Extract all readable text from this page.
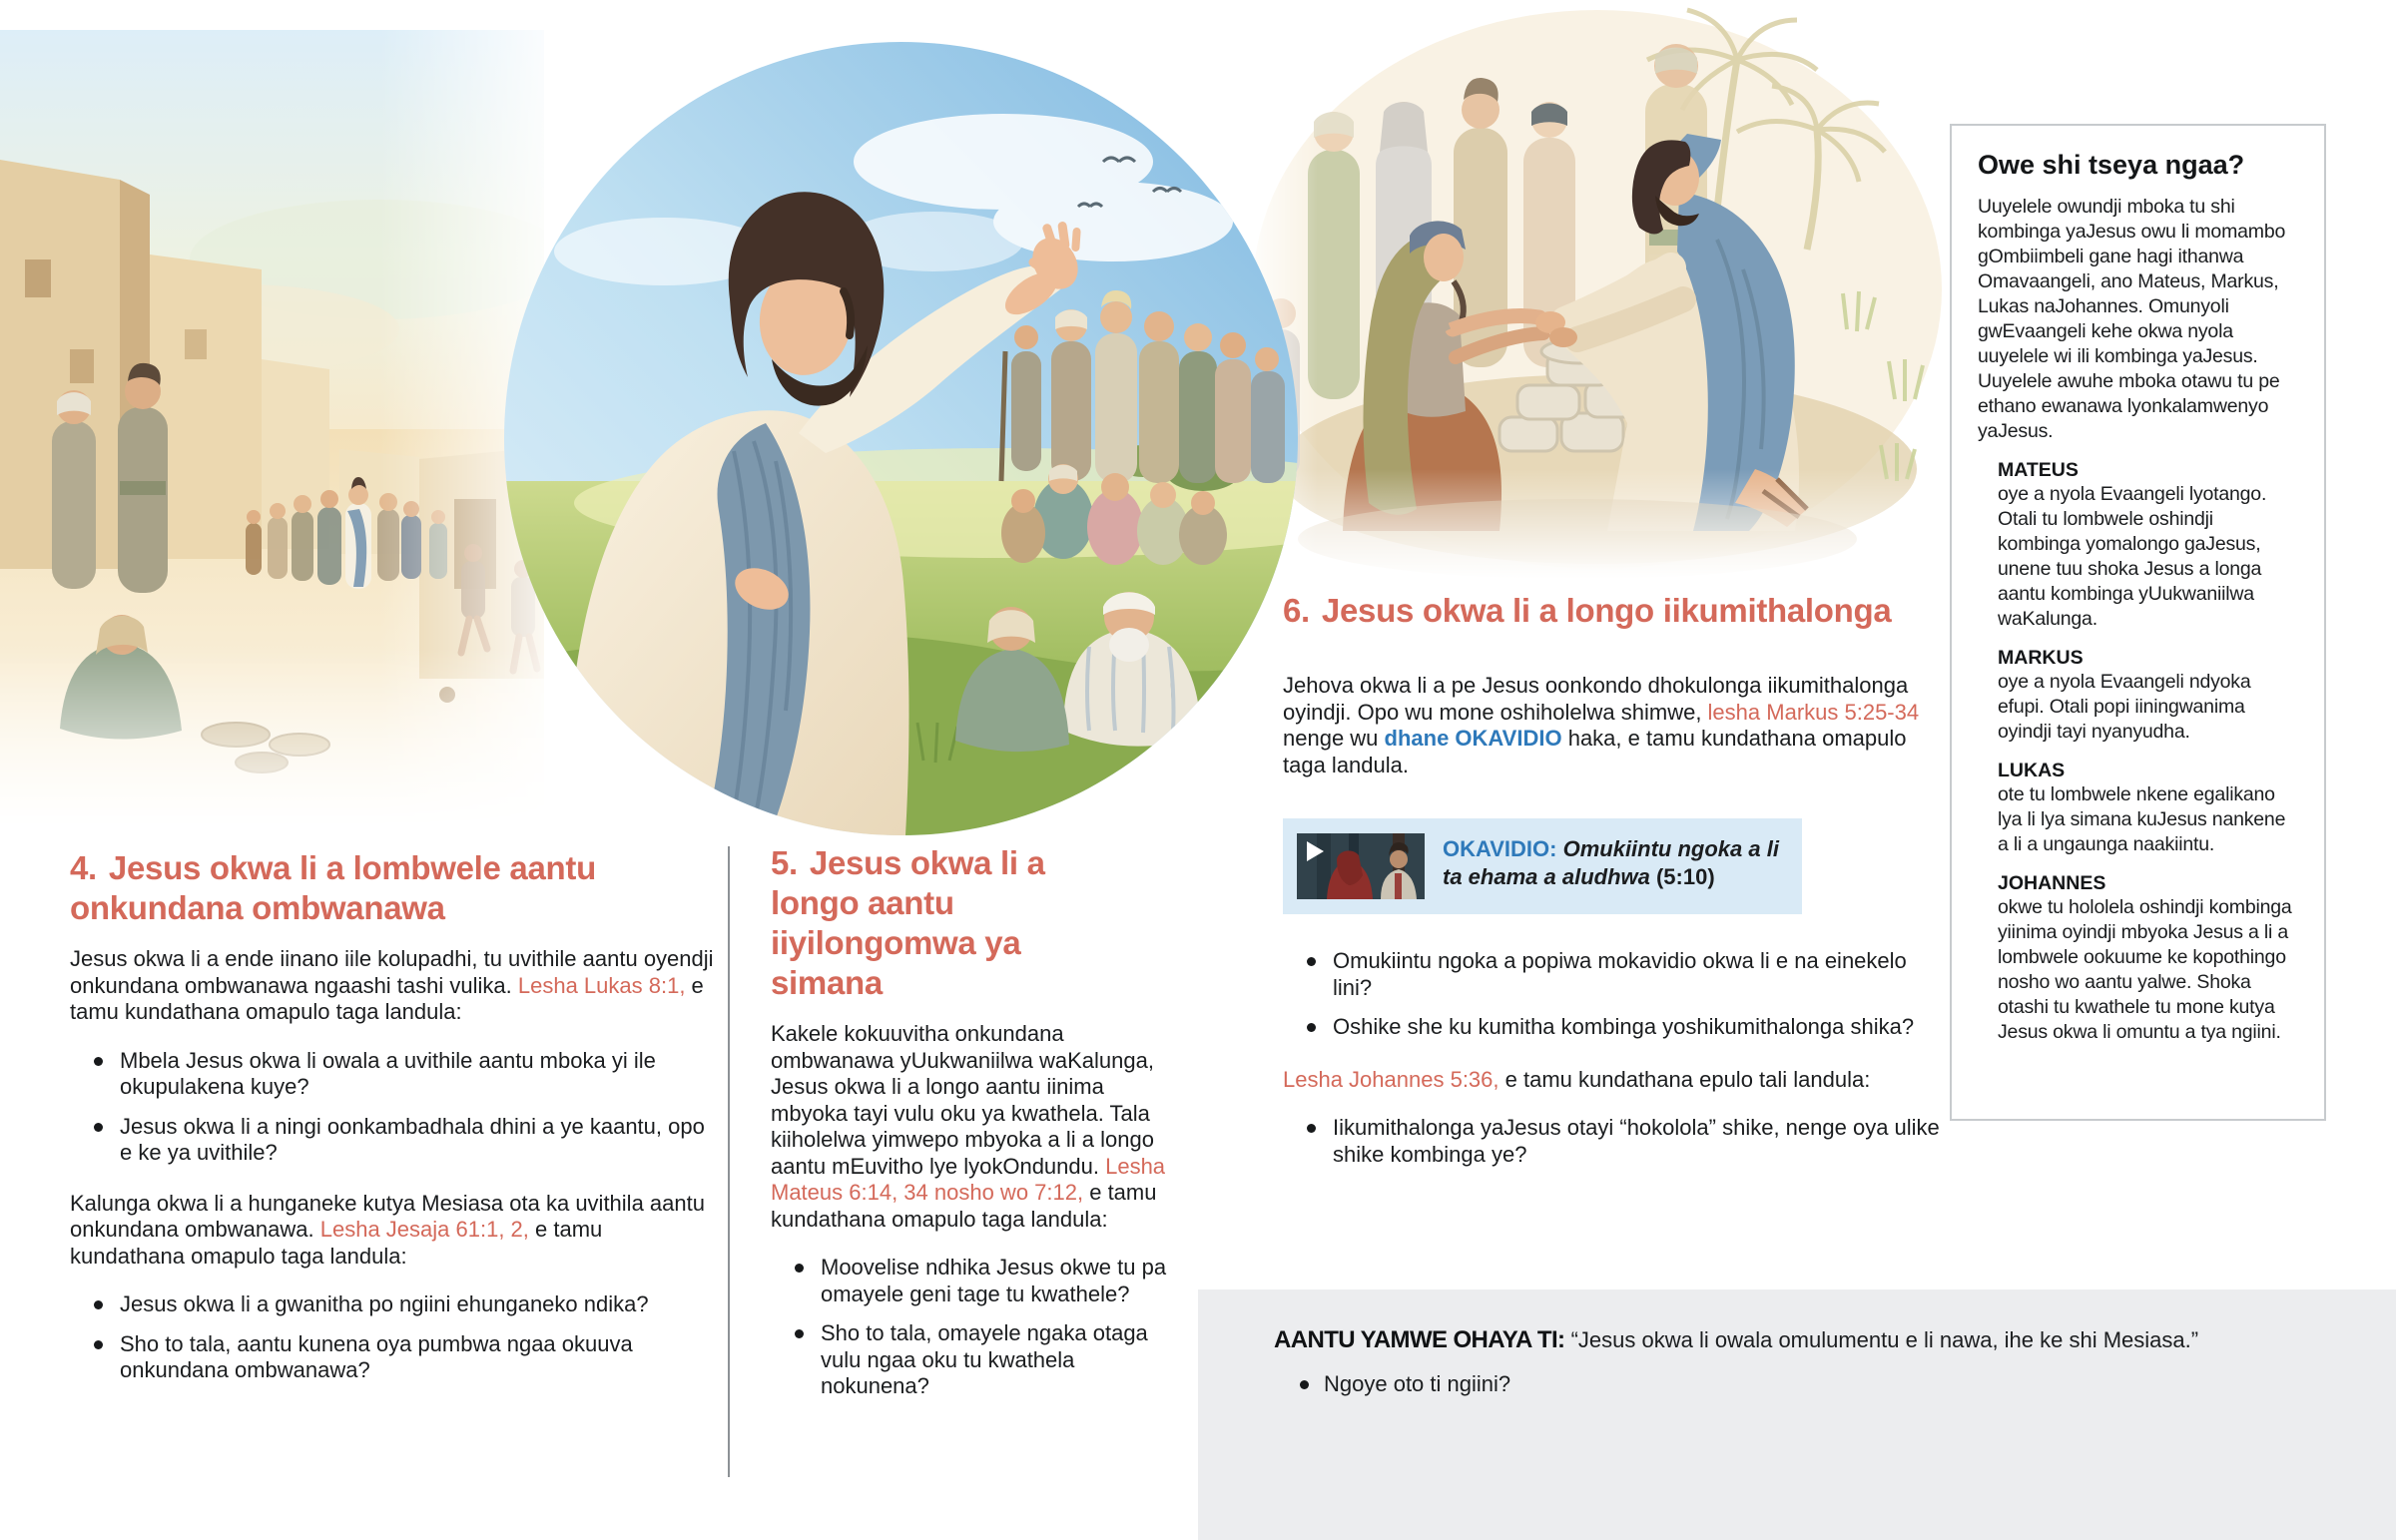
4. Jesus okwa li a lombwele aantu onkundana ombwanawa
Jesus okwa li a ende iinano iile kolupadhi, tu uvithile aantu oyendji onkundana ombwanawa ngaashi tashi vulika. Lesha Lukas 8:1, e tamu kundathana omapulo taga landula:
Mbela Jesus okwa li owala a uvithile aantu mboka yi ile okupulakena kuye?
Jesus okwa li a ningi oonkambadhala dhini a ye kaantu, opo e ke ya uvithile?
Kalunga okwa li a hunganeke kutya Mesiasa ota ka uvithila aantu onkundana ombwanawa. Lesha Jesaja 61:1, 2, e tamu kundathana omapulo taga landula:
Jesus okwa li a gwanitha po ngiini ehunganeko ndika?
Sho to tala, aantu kunena oya pumbwa ngaa okuuva onkundana ombwanawa?
5. Jesus okwa li a longo aantu iiyilongomwa ya simana
Kakele kokuuvitha onkundana ombwanawa yUukwaniilwa waKalunga, Jesus okwa li a longo aantu iinima mbyoka tayi vulu oku ya kwathela. Tala kiiholelwa yimwepo mbyoka a li a longo aantu mEuvitho lye lyokOndundu. Lesha Mateus 6:14, 34 nosho wo 7:12, e tamu kundathana omapulo taga landula:
Moovelise ndhika Jesus okwe tu pa omayele geni tage tu kwathele?
Sho to tala, omayele ngaka otaga vulu ngaa oku tu kwathela nokunena?
6. Jesus okwa li a longo iikumithalonga
Jehova okwa li a pe Jesus oonkondo dhokulonga iikumithalonga oyindji. Opo wu mone oshiholelwa shimwe, lesha Markus 5:25-34 nenge wu dhane OKAVIDIO haka, e tamu kundathana omapulo taga landula.
OKAVIDIO: Omukiintu ngoka a li ta ehama a aludhwa (5:10)
Omukiintu ngoka a popiwa mokavidio okwa li e na einekelo lini?
Oshike she ku kumitha kombinga yoshikumithalonga shika?
Lesha Johannes 5:36, e tamu kundathana epulo tali landula:
Iikumithalonga yaJesus otayi “hokolola” shike, nenge oya ulike shike kombinga ye?
Owe shi tseya ngaa?
Uuyelele owundji mboka tu shi kombinga yaJesus owu li momambo gOmbiimbeli gane hagi ithanwa Omavaangeli, ano Mateus, Markus, Lukas naJohannes. Omunyoli gwEvaangeli kehe okwa nyola uuyelele wi ili kombinga yaJesus. Uuyelele awuhe mboka otawu tu pe ethano ewanawa lyonkalamwenyo yaJesus.
MATEUS
oye a nyola Evaangeli lyotango. Otali tu lombwele oshindji kombinga yomalongo gaJesus, unene tuu shoka Jesus a longa aantu kombinga yUukwaniilwa waKalunga.
MARKUS
oye a nyola Evaangeli ndyoka efupi. Otali popi iiningwanima oyindji tayi nyanyudha.
LUKAS
ote tu lombwele nkene egalikano lya li lya simana kuJesus nankene a li a ungaunga naakiintu.
JOHANNES
okwe tu hololela oshindji kombinga yiinima oyindji mbyoka Jesus a li a lombwele ookuume ke kopothingo nosho wo aantu yalwe. Shoka otashi tu kwathele tu mone kutya Jesus okwa li omuntu a tya ngiini.
AANTU YAMWE OHAYA TI: “Jesus okwa li owala omulumentu e li nawa, ihe ke shi Mesiasa.”
Ngoye oto ti ngiini?
